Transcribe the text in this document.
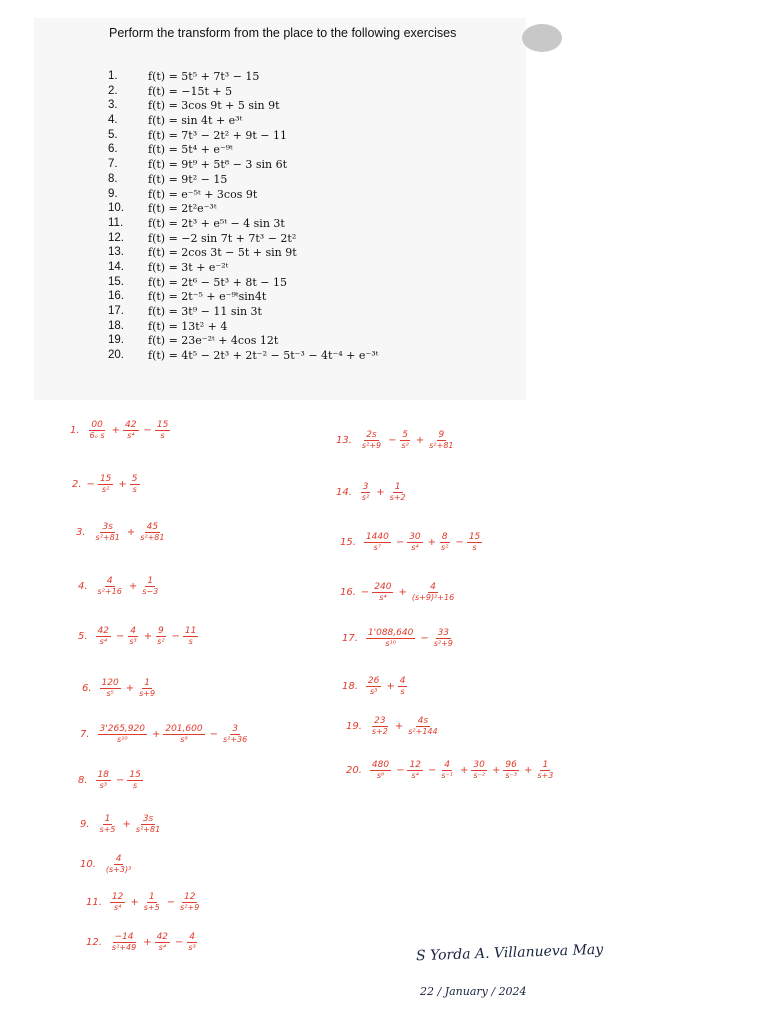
Perform the transform from the place to the following exercises
1.	f(t) = 5t⁵ + 7t³ − 15
2.	f(t) = −15t + 5
3.	f(t) = 3cos 9t + 5 sin 9t
4.	f(t) = sin 4t + e³ᵗ
5.	f(t) = 7t³ − 2t² + 9t − 11
6.	f(t) = 5t⁴ + e⁻⁹ᵗ
7.	f(t) = 9t⁹ + 5t⁸ − 3 sin 6t
8.	f(t) = 9t² − 15
9.	f(t) = e⁻⁵ᵗ + 3cos 9t
10.	f(t) = 2t²e⁻³ᵗ
11.	f(t) = 2t³ + e⁵ᵗ − 4 sin 3t
12.	f(t) = −2 sin 7t + 7t³ − 2t²
13.	f(t) = 2cos 3t − 5t + sin 9t
14.	f(t) = 3t + e⁻²ᵗ
15.	f(t) = 2t⁶ − 5t³ + 8t − 15
16.	f(t) = 2t⁻⁵ + e⁻⁹ᵗsin4t
17.	f(t) = 3t⁹ − 11 sin 3t
18.	f(t) = 13t² + 4
19.	f(t) = 23e⁻²ᵗ + 4cos 12t
20.	f(t) = 4t⁵ − 2t³ + 2t⁻² − 5t⁻³ − 4t⁻⁴ + e⁻³ᵗ
1. $\frac{00}{\text{6ₒ s}} + \frac{42}{\text{s⁴}} - \frac{15}{s}$
2. − $\frac{15}{\text{s²}} + \frac{5}{s}$
3. $\frac{3s}{\text{s²+81}} + \frac{45}{\text{s²+81}}$
4. $\frac{4}{\text{s²+16}} + \frac{1}{s-3}$
5. $\frac{42}{\text{s⁴}} - \frac{4}{\text{s³}} + \frac{9}{\text{s²}} - \frac{11}{s}$
6. $\frac{120}{\text{s⁵}} + \frac{1}{s+9}$
7. $\frac{3'265,920}{\text{s¹⁰}} + \frac{201,600}{\text{s⁹}} - \frac{3}{\text{s²+36}}$
8. $\frac{18}{\text{s³}} - \frac{15}{s}$
9. $\frac{1}{s+5} + \frac{3s}{\text{s²+81}}$
10. $\frac{4}{\text{(s+3)³}}$
11. $\frac{12}{\text{s⁴}} + \frac{1}{s+5} - \frac{12}{\text{s²+9}}$
12. $\frac{-14}{\text{s²+49}} + \frac{42}{\text{s⁴}} - \frac{4}{\text{s³}}$
13. $\frac{2s}{\text{s²+9}} - \frac{5}{\text{s²}} + \frac{9}{\text{s²+81}}$
14. $\frac{3}{\text{s²}} + \frac{1}{s+2}$
15. $\frac{1440}{\text{s⁷}} - \frac{30}{\text{s⁴}} + \frac{8}{\text{s²}} - \frac{15}{s}$
16. − $\frac{240}{\text{s⁴}} + \frac{4}{\text{(s+9)²+16}}$
17. $\frac{1'088,640}{\text{s¹⁰}} - \frac{33}{\text{s²+9}}$
18. $\frac{26}{\text{s³}} + \frac{4}{s}$
19. $\frac{23}{s+2} + \frac{4s}{\text{s²+144}}$
20. $\frac{480}{\text{s⁶}} - \frac{12}{\text{s⁴}} - \frac{4}{\text{s⁻¹}} + \frac{30}{\text{s⁻²}} + \frac{96}{\text{s⁻³}} + \frac{1}{s+3}$
S Yorda A. Villanueva May
22 / January / 2024
